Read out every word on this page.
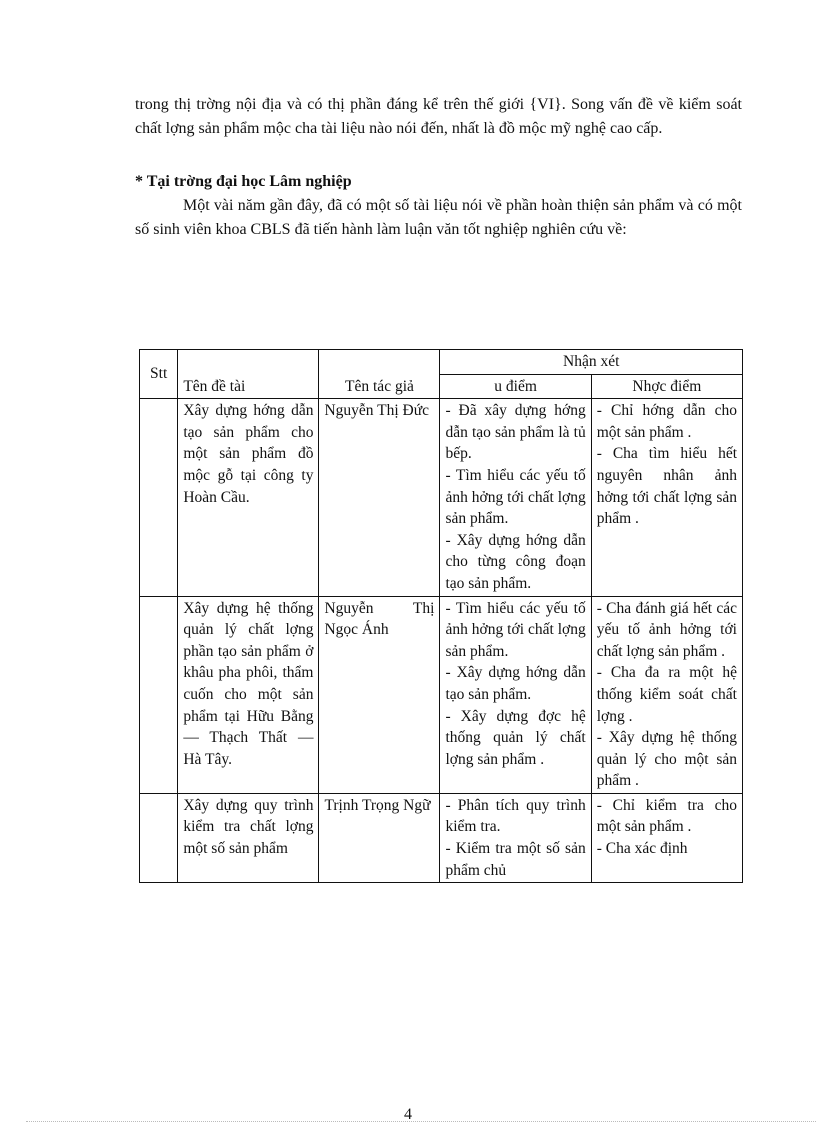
trong thị trờng nội địa và có thị phần đáng kể trên thế giới {VI}. Song vấn đề về kiểm soát chất lợng sản phẩm mộc cha tài liệu nào nói đến, nhất là đồ mộc mỹ nghệ cao cấp.

* Tại trờng đại học Lâm nghiệp

Một vài năm gần đây, đã có một số tài liệu nói về phần hoàn thiện sản phẩm và có một số sinh viên khoa CBLS đã tiến hành làm luận văn tốt nghiệp nghiên cứu về:

Stt	Tên đề tài	Tên tác giả	Nhận xét	
			u điểm	Nhợc điểm
	Xây dựng hớng dẫn tạo sản phẩm cho một sản phẩm đồ mộc gỗ tại công ty Hoàn Cầu.	Nguyễn Thị Đức	- Đã xây dựng hớng dẫn tạo sản phẩm là tủ bếp.
- Tìm hiểu các yếu tố ảnh hởng tới chất lợng sản phẩm.
- Xây dựng hớng dẫn cho từng công đoạn tạo sản phẩm.	- Chỉ hớng dẫn cho một sản phẩm .
- Cha tìm hiểu hết nguyên nhân ảnh hởng tới chất lợng sản phẩm .

	Xây dựng hệ thống quản lý chất lợng phần tạo sản phẩm ở khâu pha phôi, thẩm cuốn cho một sản phẩm tại Hữu Bằng — Thạch Thất — Hà Tây.	Nguyễn Thị Ngọc Ánh	- Tìm hiểu các yếu tố ảnh hởng tới chất lợng sản phẩm.
- Xây dựng hớng dẫn tạo sản phẩm.
- Xây dựng đợc hệ thống quản lý chất lợng sản phẩm .	- Cha đánh giá hết các yếu tố ảnh hởng tới chất lợng sản phẩm .
- Cha đa ra một hệ thống kiểm soát chất lợng .
- Xây dựng hệ thống quản lý cho một sản phẩm .

	Xây dựng quy trình kiểm tra chất lợng một số sản phẩm	Trịnh Trọng Ngữ	- Phân tích quy trình kiểm tra.
- Kiểm tra một số sản phẩm chủ	- Chỉ kiểm tra cho một sản phẩm .
- Cha xác định
4
